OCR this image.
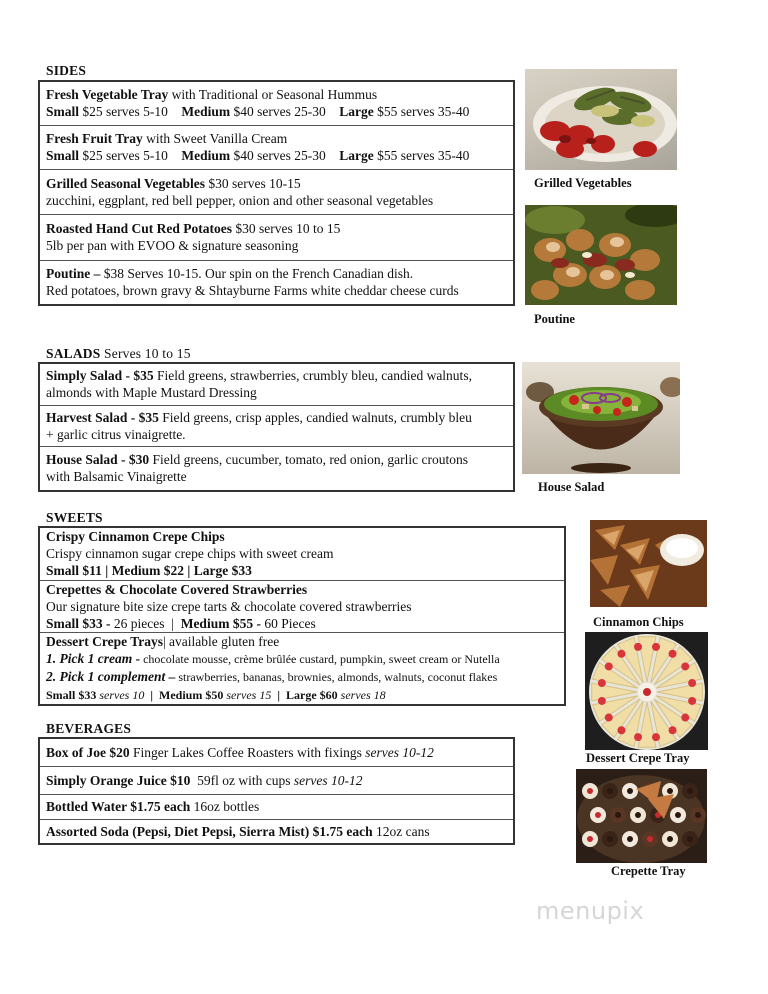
SIDES
Fresh Vegetable Tray with Traditional or Seasonal Hummus
Small $25 serves 5-10 Medium $40 serves 25-30 Large $55 serves 35-40
Fresh Fruit Tray with Sweet Vanilla Cream
Small $25 serves 5-10 Medium $40 serves 25-30 Large $55 serves 35-40
Grilled Seasonal Vegetables $30 serves 10-15
zucchini, eggplant, red bell pepper, onion and other seasonal vegetables
Roasted Hand Cut Red Potatoes $30 serves 10 to 15
5lb per pan with EVOO & signature seasoning
Poutine – $38 Serves 10-15. Our spin on the French Canadian dish.
Red potatoes, brown gravy & Shtayburne Farms white cheddar cheese curds
Grilled Vegetables
Poutine
SALADS Serves 10 to 15
Simply Salad - $35 Field greens, strawberries, crumbly bleu, candied walnuts,
almonds with Maple Mustard Dressing
Harvest Salad - $35 Field greens, crisp apples, candied walnuts, crumbly bleu
+ garlic citrus vinaigrette.
House Salad - $30 Field greens, cucumber, tomato, red onion, garlic croutons
with Balsamic Vinaigrette
House Salad
SWEETS
Crispy Cinnamon Crepe Chips
Crispy cinnamon sugar crepe chips with sweet cream
Small $11 | Medium $22 | Large $33
Crepettes & Chocolate Covered Strawberries
Our signature bite size crepe tarts & chocolate covered strawberries
Small $33 - 26 pieces  |  Medium $55 - 60 Pieces
Dessert Crepe Trays| available gluten free
1. Pick 1 cream - chocolate mousse, crème brûlée custard, pumpkin, sweet cream or Nutella
2. Pick 1 complement – strawberries, bananas, brownies, almonds, walnuts, coconut flakes
Small $33 serves 10  |  Medium $50 serves 15  |  Large $60 serves 18
Cinnamon Chips
Dessert Crepe Tray
BEVERAGES
Box of Joe $20 Finger Lakes Coffee Roasters with fixings serves 10-12
Simply Orange Juice $10  59fl oz with cups serves 10-12
Bottled Water $1.75 each 16oz bottles
Assorted Soda (Pepsi, Diet Pepsi, Sierra Mist) $1.75 each 12oz cans
Crepette Tray
menupix
